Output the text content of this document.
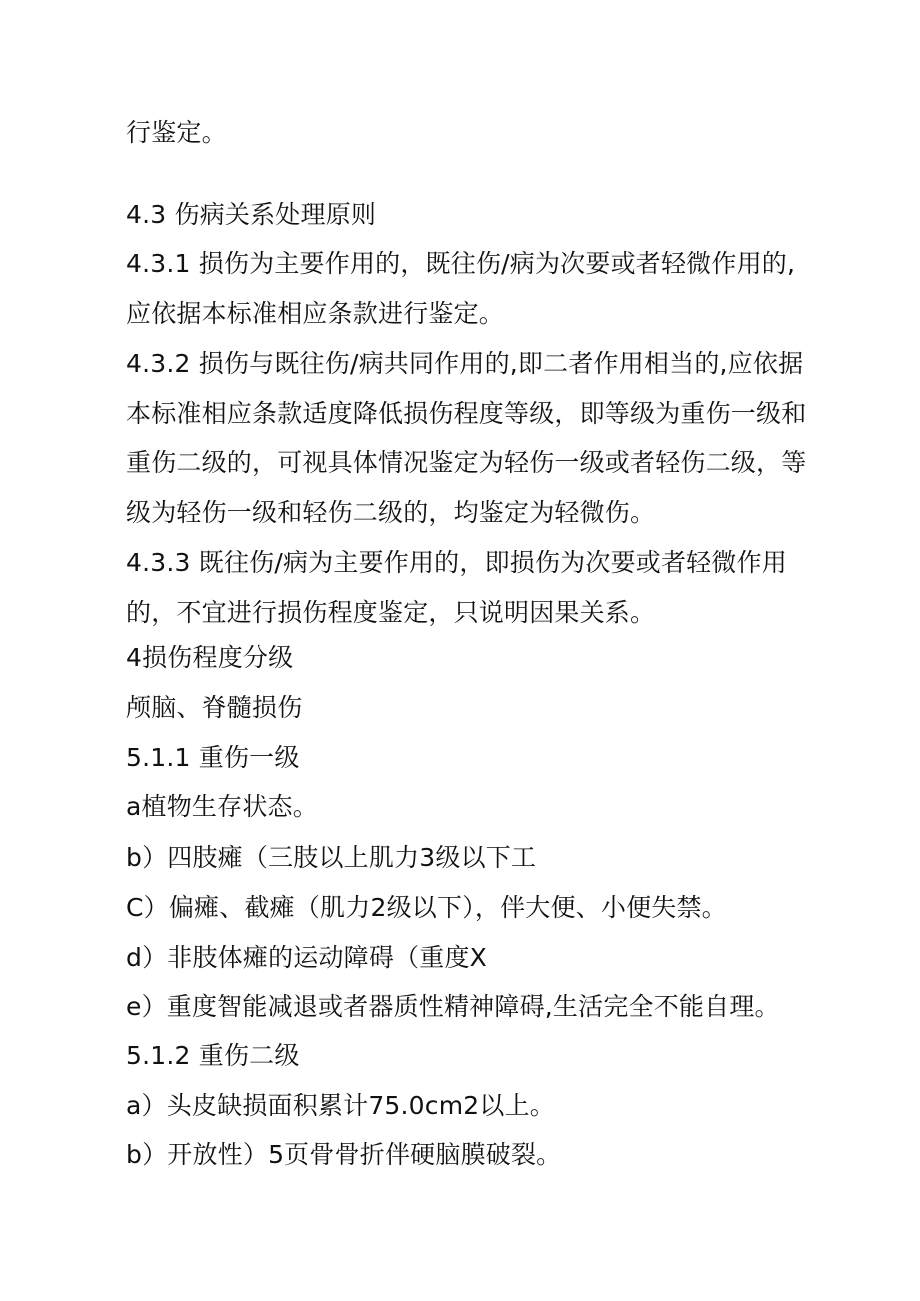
行鉴定。
4.3 伤病关系处理原则
4.3.1 损伤为主要作用的，既往伤/病为次要或者轻微作用的,
应依据本标准相应条款进行鉴定。
4.3.2 损伤与既往伤/病共同作用的,即二者作用相当的,应依据
本标准相应条款适度降低损伤程度等级，即等级为重伤一级和
重伤二级的，可视具体情况鉴定为轻伤一级或者轻伤二级，等
级为轻伤一级和轻伤二级的，均鉴定为轻微伤。
4.3.3 既往伤/病为主要作用的，即损伤为次要或者轻微作用
的，不宜进行损伤程度鉴定，只说明因果关系。
4损伤程度分级
颅脑、脊髓损伤
5.1.1 重伤一级
a植物生存状态。
b）四肢瘫（三肢以上肌力3级以下工
C）偏瘫、截瘫（肌力2级以下），伴大便、小便失禁。
d）非肢体瘫的运动障碍（重度X
e）重度智能减退或者器质性精神障碍,生活完全不能自理。
5.1.2 重伤二级
a）头皮缺损面积累计75.0cm2以上。
b）开放性）5页骨骨折伴硬脑膜破裂。
